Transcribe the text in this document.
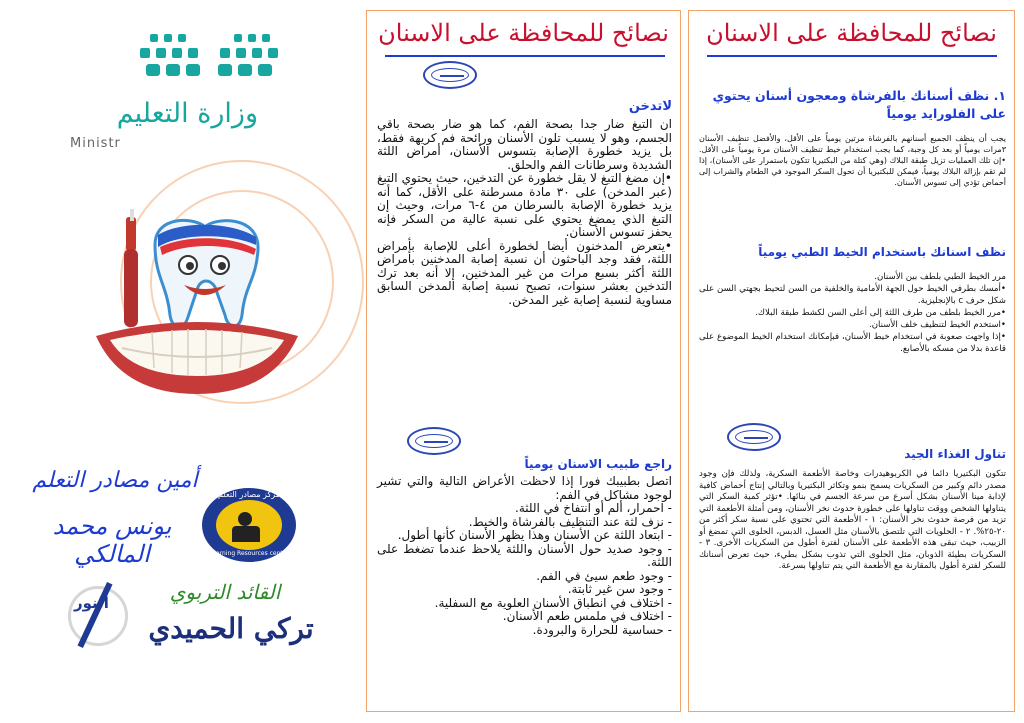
وزارة التعليم
Ministr
أمين مصادر التعلم
يونس محمد المالكي
مركز مصادر التعلم
Learning Resources center
النور	القائد التربوي
تركي الحميدي
نصائح للمحافظة على الاسنان
لاتدخن
ان التبغ ضار جدا بصحة الفم، كما هو ضار بصحة باقي الجسم، وهو لا يسبب تلون الأسنان ورائحة فم كريهة فقط، بل يزيد خطورة الإصابة بتسوس الأسنان، أمراض اللثة الشديدة وسرطانات الفم والحلق.
•إن مضغ التبغ لا يقل خطورة عن التدخين، حيث يحتوي التبغ (عبر المدخن) على ٣٠ مادة مسرطنة على الأقل، كما أنه يزيد خطورة الإصابة بالسرطان من ٤-٦ مرات، وحيث إن التبغ الذي يمضغ يحتوي على نسبة عالية من السكر فإنه يحفز تسوس الأسنان.
•يتعرض المدخنون أيضا لخطورة أعلى للإصابة بأمراض اللثة، فقد وجد الباحثون أن نسبة إصابة المدخنين بأمراض اللثة أكثر بسبع مرات من غير المدخنين، إلا أنه بعد ترك التدخين بعشر سنوات، تصبح نسبة إصابة المدخن السابق مساوية لنسبة إصابة غير المدخن.
راجع طبيب الاسنان يومياً
اتصل بطبيبك فورا إذا لاحظت الأعراض التالية والتي تشير لوجود مشاكل في الفم:
- احمرار، ألم أو انتفاخ في اللثة.
- نزف لثة عند التنظيف بالفرشاة والخيط.
- ابتعاد اللثة عن الأسنان وهذا يظهر الأسنان كأنها أطول.
- وجود صديد حول الأسنان واللثة يلاحظ عندما تضغط على اللثة.
- وجود طعم سيئ في الفم.
- وجود سن غير ثابتة.
- اختلاف في انطباق الأسنان العلوية مع السفلية.
- اختلاف في ملمس طعم الأسنان.
- حساسية للحرارة والبرودة.
نصائح للمحافظة على الاسنان
١. نظف أسنانك بالفرشاة ومعجون أسنان يحتوي على الفلورايد يومياً
يجب أن ينظف الجميع أسنانهم بالفرشاة مرتين يومياً على الأقل، والأفضل تنظيف الأسنان ٣مرات يومياً أو بعد كل وجبة، كما يجب استخدام خيط تنظيف الأسنان مرة يومياً على الأقل. •إن تلك العمليات تزيل طبقة البلاك (وهي كتلة من البكتيريا تتكون باستمرار على الأسنان)، إذا لم تقم بإزالة البلاك يومياً، فيمكن للبكتيريا أن تحول السكر الموجود في الطعام والشراب إلى أحماض تؤدي إلى تسوس الأسنان.
نظف اسنانك باستخدام الخيط الطبي يومياً
مرر الخيط الطبي بلطف بين الأسنان.
•أمسك بطرفي الخيط حول الجهة الأمامية والخلفية من السن لتحيط بجهتي السن على شكل حرف c بالإنجليزية.
•مرر الخيط بلطف من طرف اللثة إلى أعلى السن لكشط طبقة البلاك.
•استخدم الخيط لتنظيف خلف الأسنان.
•إذا واجهت صعوبة في استخدام خيط الأسنان، فبإمكانك استخدام الخيط الموضوع على قاعدة بدلا من مسكه بالأصابع.
تناول الغذاء الجيد
تتكون البكتيريا دائما في الكربوهيدرات وخاصة الأطعمة السكرية، ولذلك فإن وجود مصدر دائم وكبير من السكريات يسمح بنمو وتكاثر البكتيريا وبالتالي إنتاج أحماض كافية لإذابة مينا الأسنان بشكل أسرع من سرعة الجسم في بنائها. •تؤثر كمية السكر التي يتناولها الشخص ووقت تناولها على خطورة حدوث نخر الأسنان، ومن أمثلة الأطعمة التي تزيد من فرصة حدوث نخر الأسنان: ١ - الأطعمة التي تحتوي على نسبة سكر أكثر من ٢٠-٢٥%. ٢ - الحلويات التي تلتصق بالأسنان مثل العسل، الدبس، الحلوى التي تمضغ أو الزبيب، حيث تبقى هذه الأطعمة على الأسنان لفترة أطول من السكريات الأخرى. ٣ - السكريات بطيئة الذوبان، مثل الحلوى التي تذوب بشكل بطيء، حيث تعرض أسنانك للسكر لفترة أطول بالمقارنة مع الأطعمة التي يتم تناولها بسرعة.
